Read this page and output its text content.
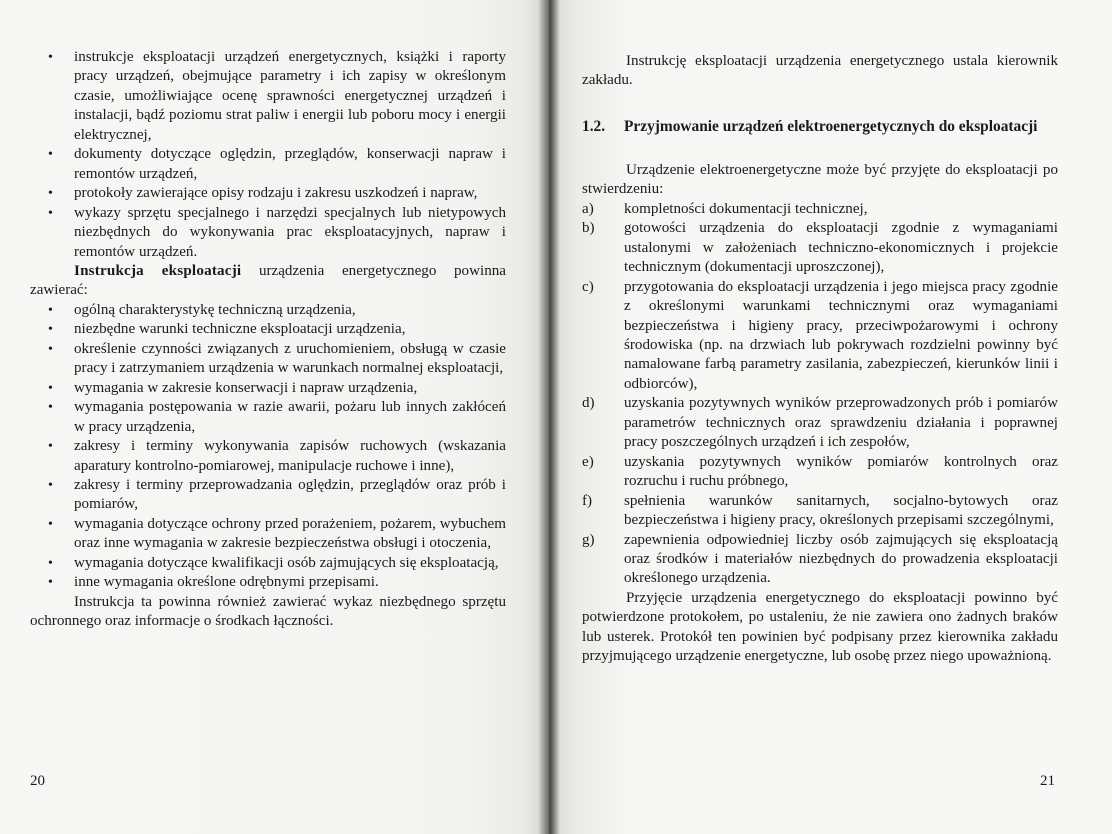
• instrukcje eksploatacji urządzeń energetycznych, książki i raporty pracy urządzeń, obejmujące parametry i ich zapisy w określonym czasie, umożliwiające ocenę sprawności energetycznej urządzeń i instalacji, bądź poziomu strat paliw i energii lub poboru mocy i energii elektrycznej,
• dokumenty dotyczące oględzin, przeglądów, konserwacji napraw i remontów urządzeń,
• protokoły zawierające opisy rodzaju i zakresu uszkodzeń i napraw,
• wykazy sprzętu specjalnego i narzędzi specjalnych lub nietypowych niezbędnych do wykonywania prac eksploatacyjnych, napraw i remontów urządzeń.

Instrukcja eksploatacji urządzenia energetycznego powinna zawierać:

• ogólną charakterystykę techniczną urządzenia,
• niezbędne warunki techniczne eksploatacji urządzenia,
• określenie czynności związanych z uruchomieniem, obsługą w czasie pracy i zatrzymaniem urządzenia w warunkach normalnej eksploatacji,
• wymagania w zakresie konserwacji i napraw urządzenia,
• wymagania postępowania w razie awarii, pożaru lub innych zakłóceń w pracy urządzenia,
• zakresy i terminy wykonywania zapisów ruchowych (wskazania aparatury kontrolno-pomiarowej, manipulacje ruchowe i inne),
• zakresy i terminy przeprowadzania oględzin, przeglądów oraz prób i pomiarów,
• wymagania dotyczące ochrony przed porażeniem, pożarem, wybuchem oraz inne wymagania w zakresie bezpieczeństwa obsługi i otoczenia,
• wymagania dotyczące kwalifikacji osób zajmujących się eksploatacją,
• inne wymagania określone odrębnymi przepisami.

Instrukcja ta powinna również zawierać wykaz niezbędnego sprzętu ochronnego oraz informacje o środkach łączności.

20

Instrukcję eksploatacji urządzenia energetycznego ustala kierownik zakładu.

1.2.	Przyjmowanie urządzeń elektroenergetycznych do eksploatacji

Urządzenie elektroenergetyczne może być przyjęte do eksploatacji po stwierdzeniu:

a) kompletności dokumentacji technicznej,
b) gotowości urządzenia do eksploatacji zgodnie z wymaganiami ustalonymi w założeniach techniczno-ekonomicznych i projekcie technicznym (dokumentacji uproszczonej),
c) przygotowania do eksploatacji urządzenia i jego miejsca pracy zgodnie z określonymi warunkami technicznymi oraz wymaganiami bezpieczeństwa i higieny pracy, przeciwpożarowymi i ochrony środowiska (np. na drzwiach lub pokrywach rozdzielni powinny być namalowane farbą parametry zasilania, zabezpieczeń, kierunków linii i odbiorców),
d) uzyskania pozytywnych wyników przeprowadzonych prób i pomiarów parametrów technicznych oraz sprawdzeniu działania i poprawnej pracy poszczególnych urządzeń i ich zespołów,
e) uzyskania pozytywnych wyników pomiarów kontrolnych oraz rozruchu i ruchu próbnego,
f) spełnienia warunków sanitarnych, socjalno-bytowych oraz bezpieczeństwa i higieny pracy, określonych przepisami szczególnymi,
g) zapewnienia odpowiedniej liczby osób zajmujących się eksploatacją oraz środków i materiałów niezbędnych do prowadzenia eksploatacji określonego urządzenia.

Przyjęcie urządzenia energetycznego do eksploatacji powinno być potwierdzone protokołem, po ustaleniu, że nie zawiera ono żadnych braków lub usterek. Protokół ten powinien być podpisany przez kierownika zakładu przyjmującego urządzenie energetyczne, lub osobę przez niego upoważnioną.

21
